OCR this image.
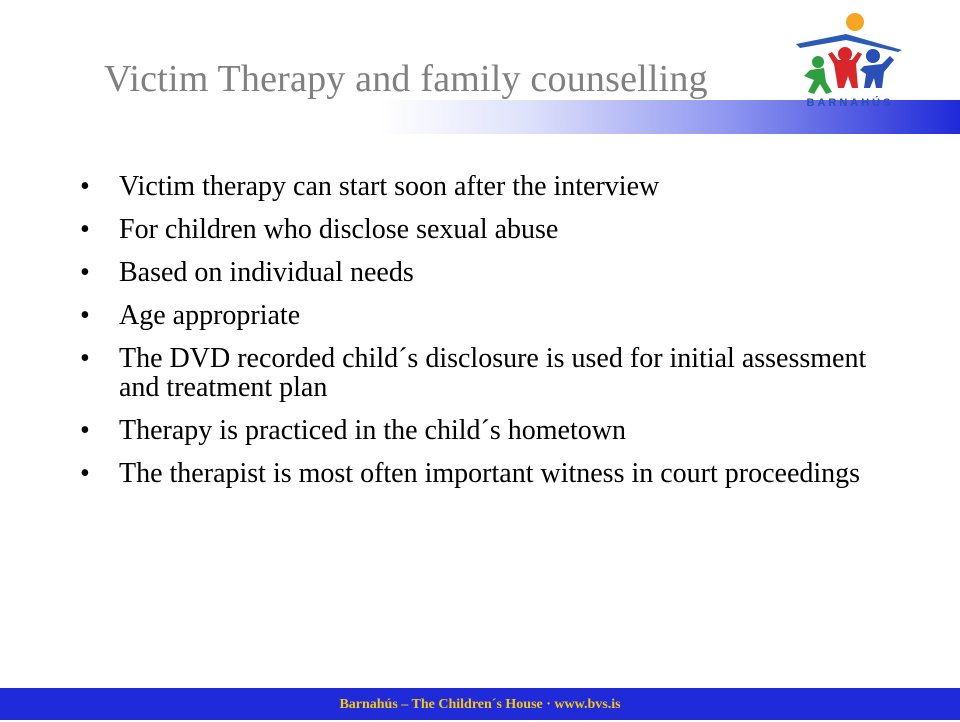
Victim Therapy and family counselling
BARNAHÚS
• Victim therapy can start soon after the interview
• For children who disclose sexual abuse
• Based on individual needs
• Age appropriate
• The DVD recorded child´s disclosure is used for initial assessment and treatment plan
• Therapy is practiced in the child´s hometown
• The therapist is most often important witness in court proceedings
Barnahús – The Children´s House · www.bvs.is
